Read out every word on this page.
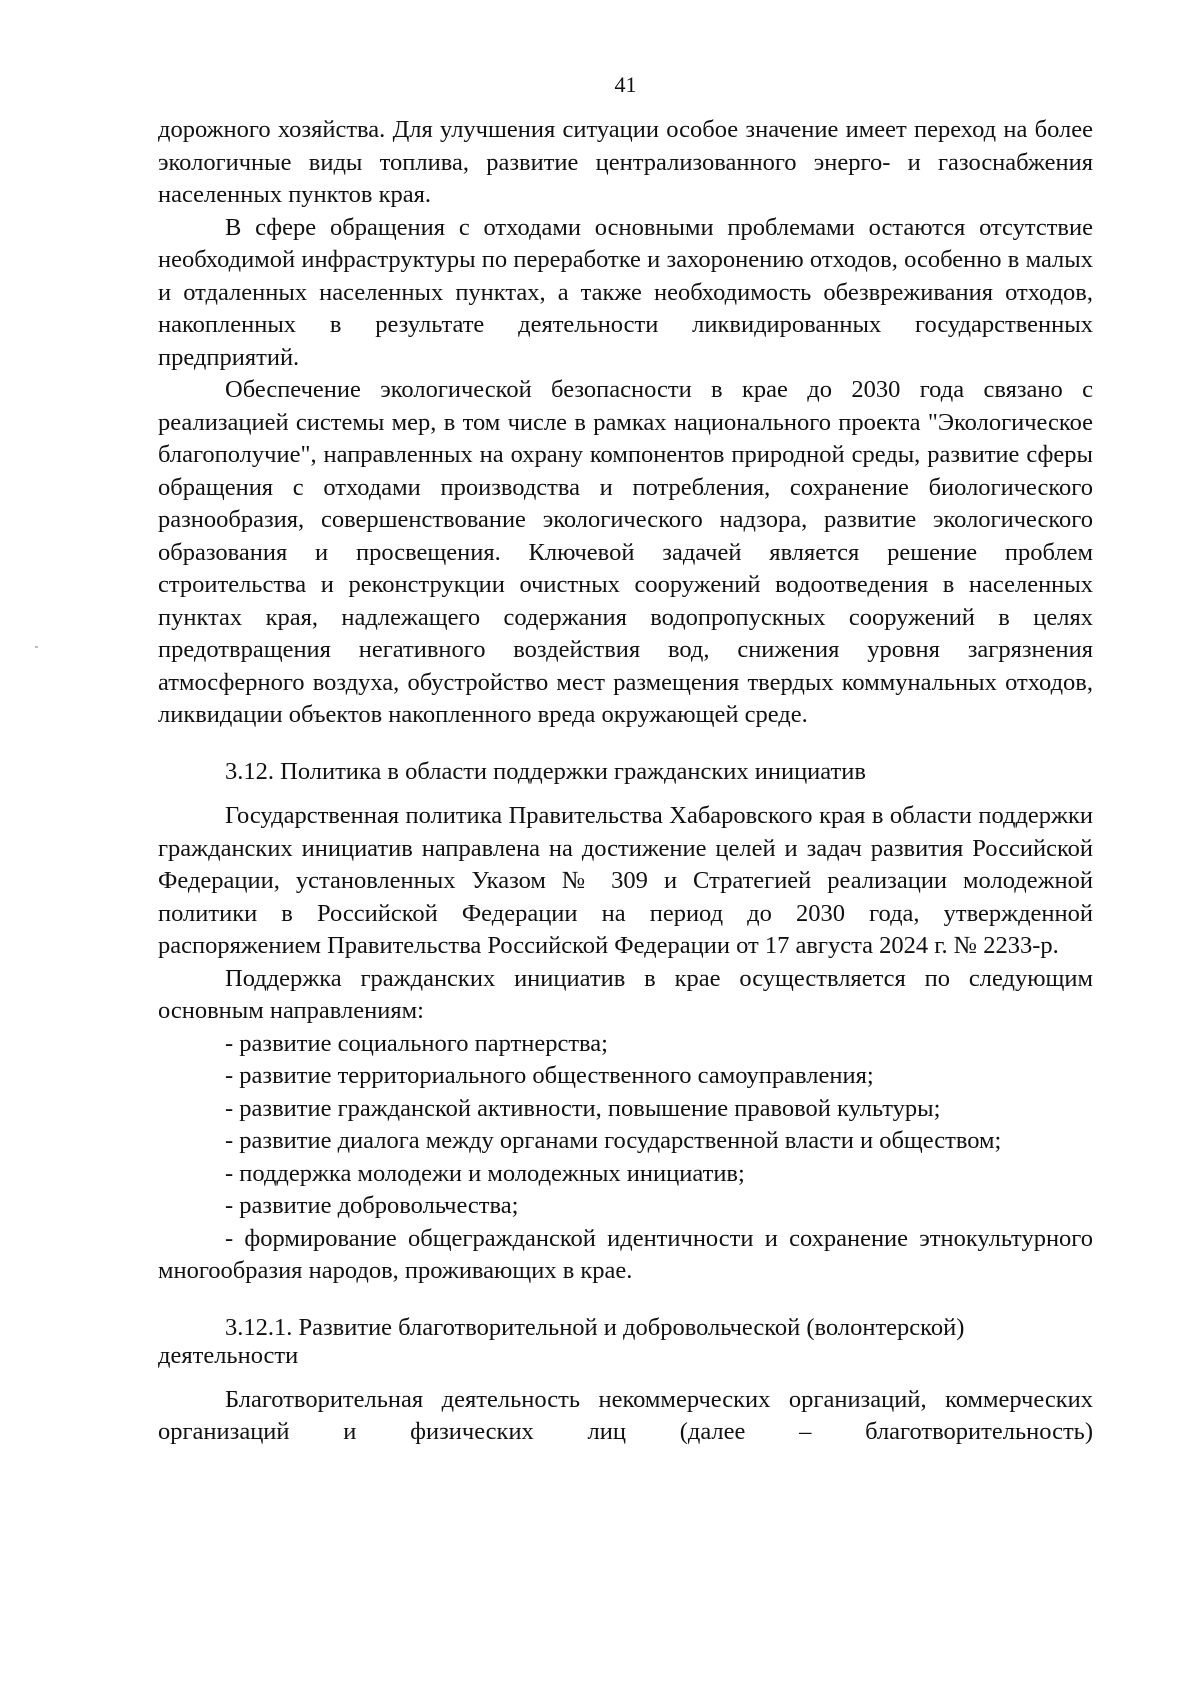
41

дорожного хозяйства. Для улучшения ситуации особое значение имеет переход на более экологичные виды топлива, развитие централизованного энерго- и газоснабжения населенных пунктов края.

В сфере обращения с отходами основными проблемами остаются отсутствие необходимой инфраструктуры по переработке и захоронению отходов, особенно в малых и отдаленных населенных пунктах, а также необходимость обезвреживания отходов, накопленных в результате деятельности ликвидированных государственных предприятий.

Обеспечение экологической безопасности в крае до 2030 года связано с реализацией системы мер, в том числе в рамках национального проекта "Экологическое благополучие", направленных на охрану компонентов природной среды, развитие сферы обращения с отходами производства и потребления, сохранение биологического разнообразия, совершенствование экологического надзора, развитие экологического образования и просвещения. Ключевой задачей является решение проблем строительства и реконструкции очистных сооружений водоотведения в населенных пунктах края, надлежащего содержания водопропускных сооружений в целях предотвращения негативного воздействия вод, снижения уровня загрязнения атмосферного воздуха, обустройство мест размещения твердых коммунальных отходов, ликвидации объектов накопленного вреда окружающей среде.

3.12. Политика в области поддержки гражданских инициатив

Государственная политика Правительства Хабаровского края в области поддержки гражданских инициатив направлена на достижение целей и задач развития Российской Федерации, установленных Указом № 309 и Стратегией реализации молодежной политики в Российской Федерации на период до 2030 года, утвержденной распоряжением Правительства Российской Федерации от 17 августа 2024 г. № 2233-р.

Поддержка гражданских инициатив в крае осуществляется по следующим основным направлениям:

- развитие социального партнерства;

- развитие территориального общественного самоуправления;

- развитие гражданской активности, повышение правовой культуры;

- развитие диалога между органами государственной власти и обществом;

- поддержка молодежи и молодежных инициатив;

- развитие добровольчества;

- формирование общегражданской идентичности и сохранение этнокультурного многообразия народов, проживающих в крае.

3.12.1. Развитие благотворительной и добровольческой (волонтерской) деятельности

Благотворительная деятельность некоммерческих организаций, коммерческих организаций и физических лиц (далее – благотворительность)
